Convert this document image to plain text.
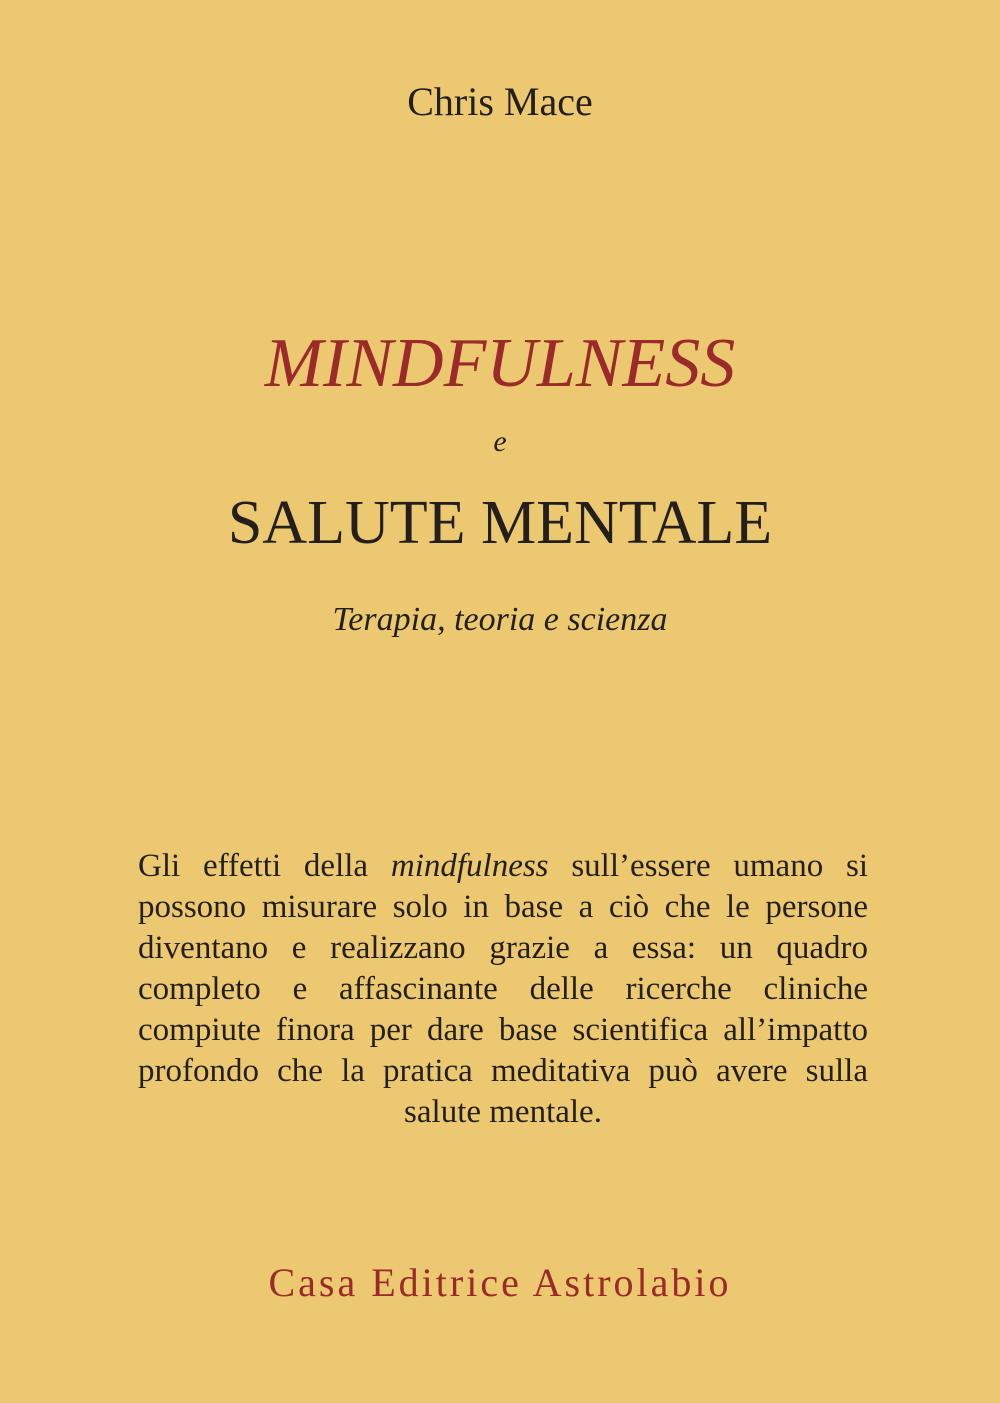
Chris Mace
MINDFULNESS
e
SALUTE MENTALE
Terapia, teoria e scienza
Gli effetti della mindfulness sull’essere umano si possono misurare solo in base a ciò che le persone diventano e realizzano grazie a essa: un quadro completo e affascinante delle ricerche cliniche compiute finora per dare base scientifica all’impatto profondo che la pratica meditativa può avere sulla salute mentale.
Casa Editrice Astrolabio
